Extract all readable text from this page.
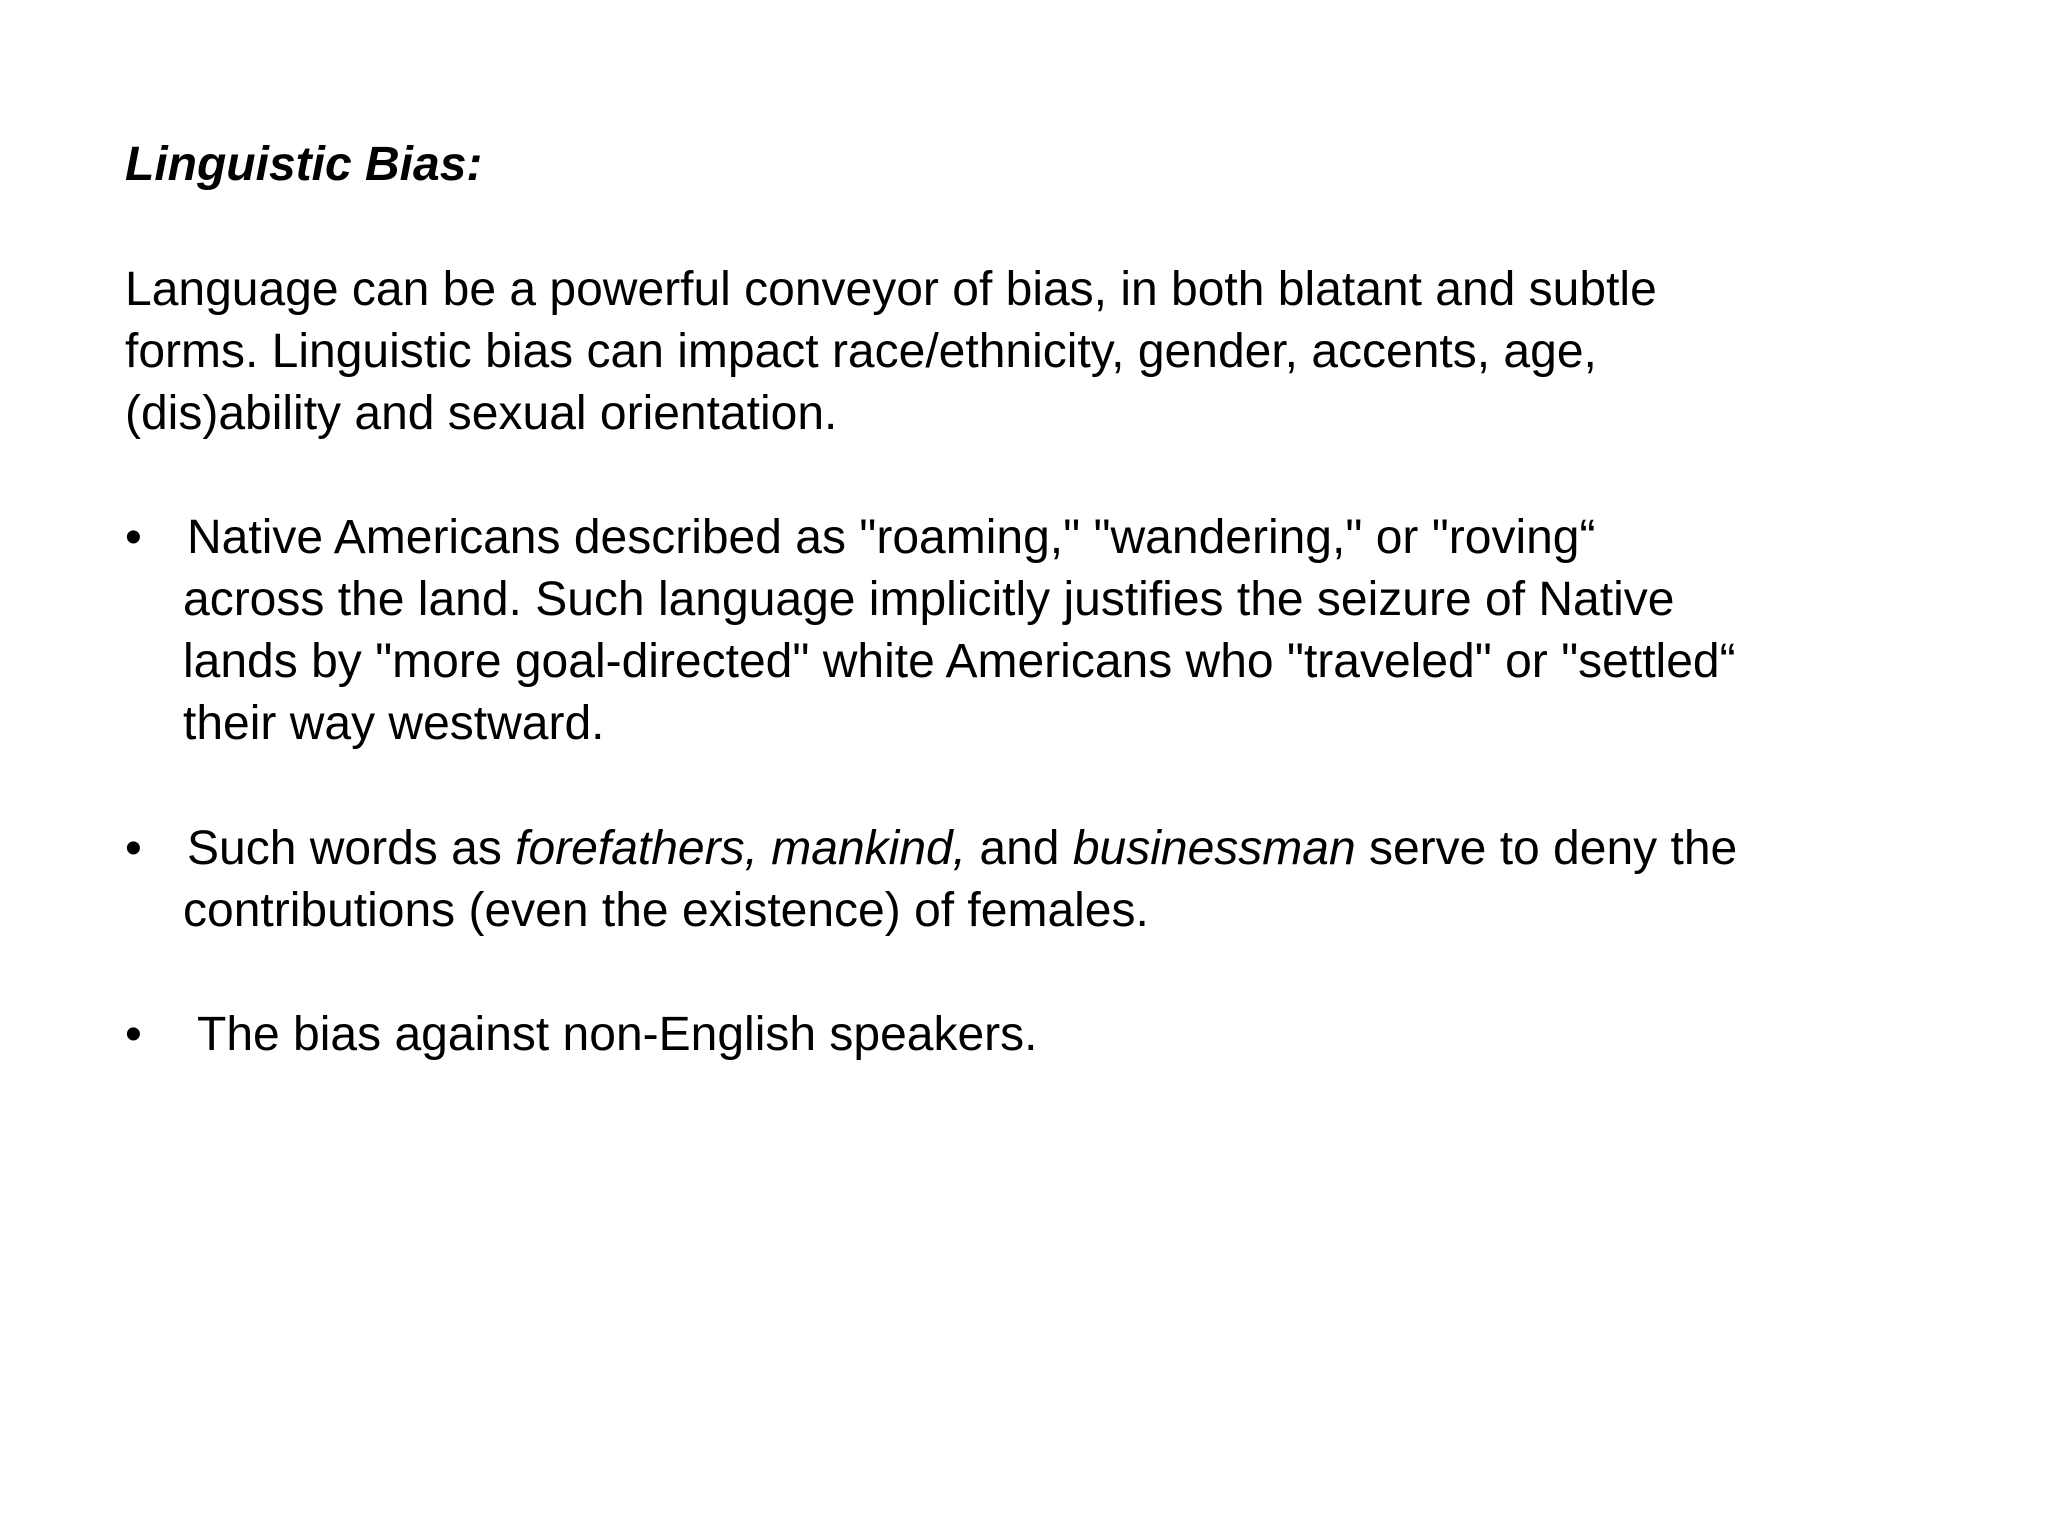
Linguistic Bias:
Language can be a powerful conveyor of bias, in both blatant and subtle
forms. Linguistic bias can impact race/ethnicity, gender, accents, age,
(dis)ability and sexual orientation.
• Native Americans described as "roaming," "wandering," or "roving“
across the land. Such language implicitly justifies the seizure of Native
lands by "more goal-directed" white Americans who "traveled" or "settled“
their way westward.
• Such words as forefathers, mankind, and businessman serve to deny the
contributions (even the existence) of females.
•	The bias against non-English speakers.
